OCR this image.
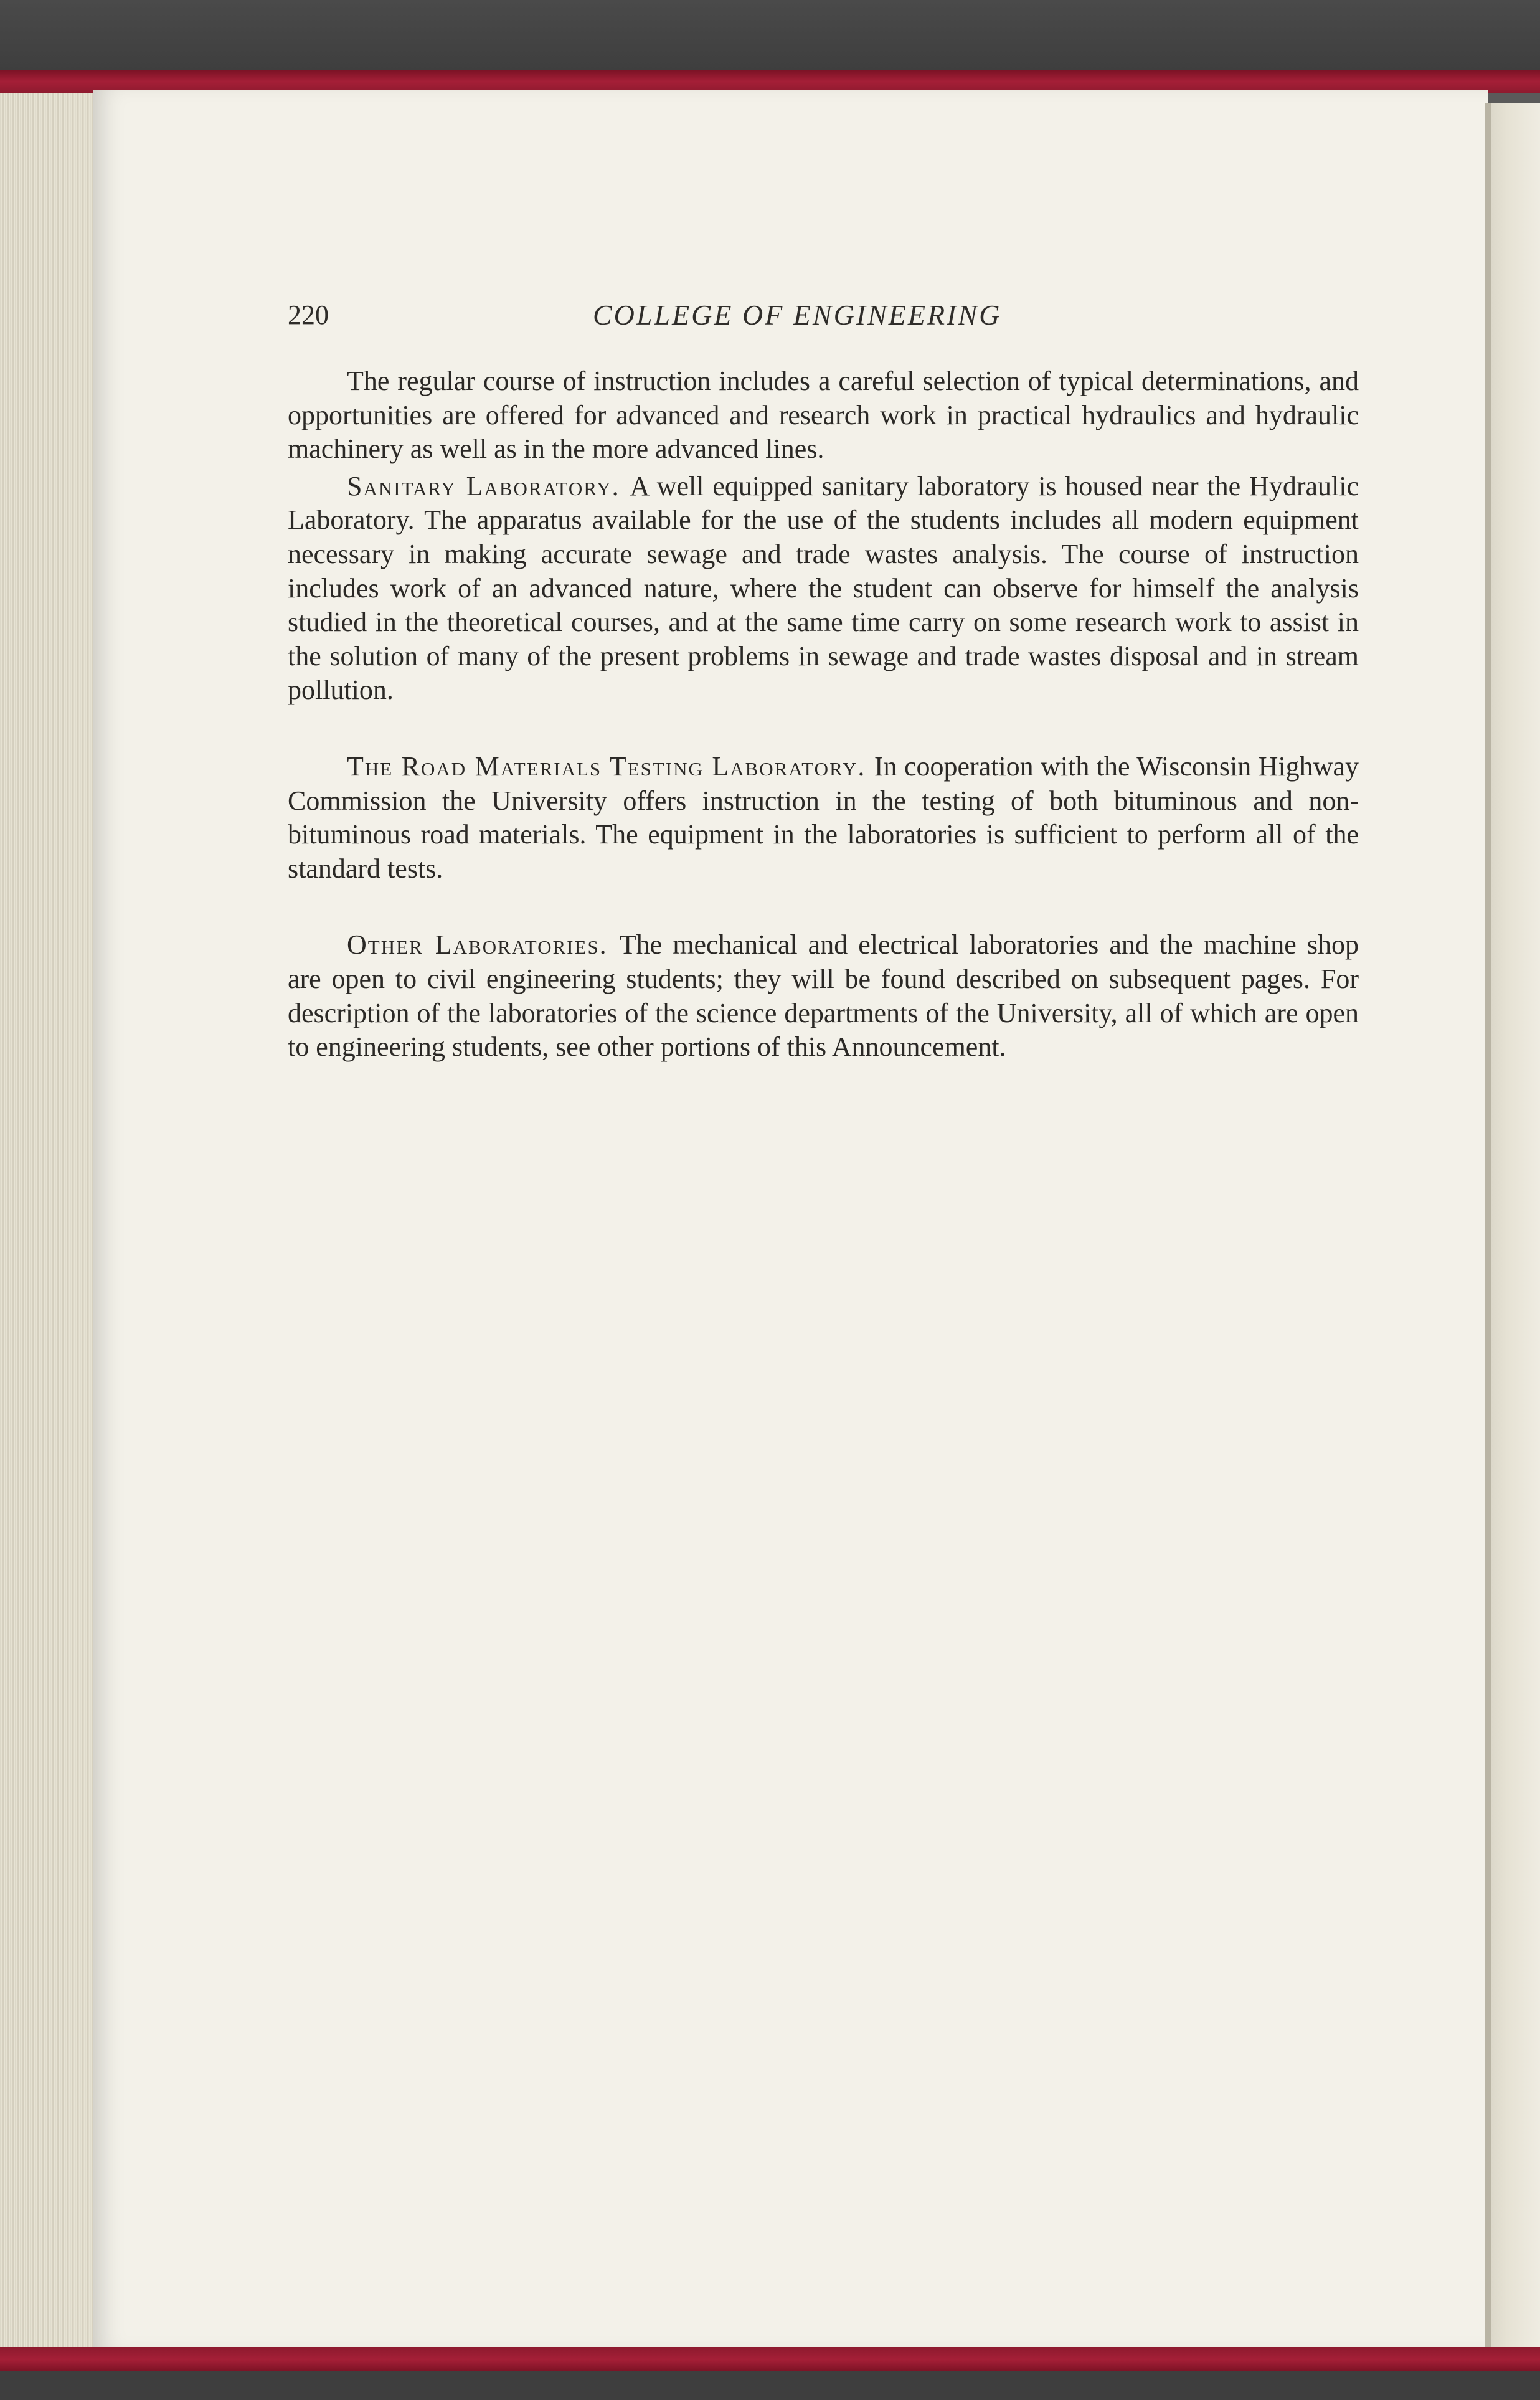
220	COLLEGE OF ENGINEERING

The regular course of instruction includes a careful selection of typical determinations, and opportunities are offered for advanced and research work in practical hydraulics and hydraulic machinery as well as in the more advanced lines.

Sanitary Laboratory. A well equipped sanitary laboratory is housed near the Hydraulic Laboratory. The apparatus available for the use of the students includes all modern equipment necessary in making accurate sewage and trade wastes analysis. The course of instruction includes work of an advanced nature, where the student can observe for himself the analysis studied in the theoretical courses, and at the same time carry on some research work to assist in the solution of many of the present problems in sewage and trade wastes disposal and in stream pollution.

The Road Materials Testing Laboratory. In cooperation with the Wisconsin Highway Commission the University offers instruction in the testing of both bituminous and non-bituminous road materials. The equipment in the laboratories is sufficient to perform all of the standard tests.

Other Laboratories. The mechanical and electrical laboratories and the machine shop are open to civil engineering students; they will be found described on subsequent pages. For description of the laboratories of the science departments of the University, all of which are open to engineering students, see other portions of this Announcement.
